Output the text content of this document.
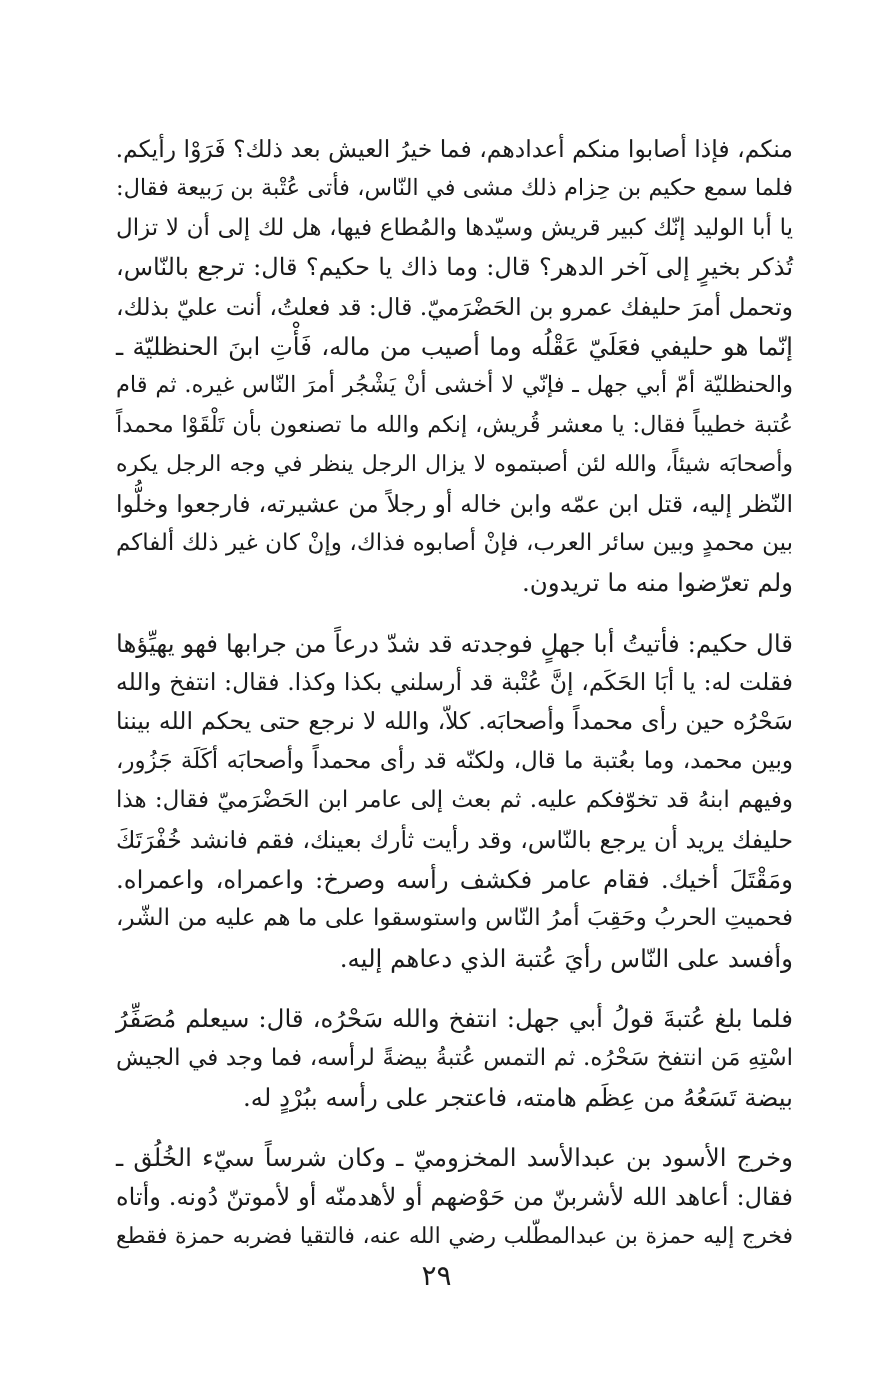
منكم، فإذا أصابوا منكم أعدادهم، فما خيرُ العيش بعد ذلك؟ فَرَوْا رأيكم.
فلما سمع حكيم بن حِزام ذلك مشى في النّاس، فأتى عُتْبة بن رَبيعة فقال:
يا أبا الوليد إنّك كبير قريش وسيّدها والمُطاع فيها، هل لك إلى أن لا تزال
تُذكر بخيرٍ إلى آخر الدهر؟ قال: وما ذاك يا حكيم؟ قال: ترجع بالنّاس،
وتحمل أمرَ حليفك عمرو بن الحَضْرَميّ. قال: قد فعلتُ، أنت عليّ بذلك،
إنّما هو حليفي فعَلَيّ عَقْلُه وما أصيب من ماله، فَأْتِ ابنَ الحنظليّة ـ
والحنظليّة أمّ أبي جهل ـ فإنّي لا أخشى أنْ يَشْجُر أمرَ النّاس غيره. ثم قام
عُتبة خطيباً فقال: يا معشر قُريش، إنكم والله ما تصنعون بأن تَلْقَوْا محمداً
وأصحابَه شيئاً، والله لئن أصبتموه لا يزال الرجل ينظر في وجه الرجل يكره
النّظر إليه، قتل ابن عمّه وابن خاله أو رجلاً من عشيرته، فارجعوا وخلُّوا
بين محمدٍ وبين سائر العرب، فإنْ أصابوه فذاك، وإنْ كان غير ذلك ألفاكم
ولم تعرّضوا منه ما تريدون.
قال حكيم: فأتيتُ أبا جهلٍ فوجدته قد شدّ درعاً من جرابها فهو يهيِّؤها
فقلت له: يا أبَا الحَكَم، إنَّ عُتْبة قد أرسلني بكذا وكذا. فقال: انتفخ والله
سَحْرُه حين رأى محمداً وأصحابَه. كلاّ، والله لا نرجع حتى يحكم الله بيننا
وبين محمد، وما بعُتبة ما قال، ولكنّه قد رأى محمداً وأصحابَه أكَلَة جَزُور،
وفيهم ابنهُ قد تخوّفكم عليه. ثم بعث إلى عامر ابن الحَضْرَميّ فقال: هذا
حليفك يريد أن يرجع بالنّاس، وقد رأيت ثأرك بعينك، فقم فانشد خُفْرَتَكَ
ومَقْتَلَ أخيك. فقام عامر فكشف رأسه وصرخ: واعمراه، واعمراه.
فحميتِ الحربُ وحَقِبَ أمرُ النّاس واستوسقوا على ما هم عليه من الشّر،
وأفسد على النّاس رأيَ عُتبة الذي دعاهم إليه.
فلما بلغ عُتبةَ قولُ أبي جهل: انتفخ والله سَحْرُه، قال: سيعلم مُصَفِّرُ
اسْتِهِ مَن انتفخ سَحْرُه. ثم التمس عُتبةُ بيضةً لرأسه، فما وجد في الجيش
بيضة تَسَعُهُ من عِظَم هامته، فاعتجر على رأسه ببُرْدٍ له.
وخرج الأسود بن عبدالأسد المخزوميّ ـ وكان شرساً سيّء الخُلُق ـ
فقال: أعاهد الله لأشربنّ من حَوْضهم أو لأهدمنّه أو لأموتنّ دُونه. وأتاه
فخرج إليه حمزة بن عبدالمطّلب رضي الله عنه، فالتقيا فضربه حمزة فقطع
٢٩
